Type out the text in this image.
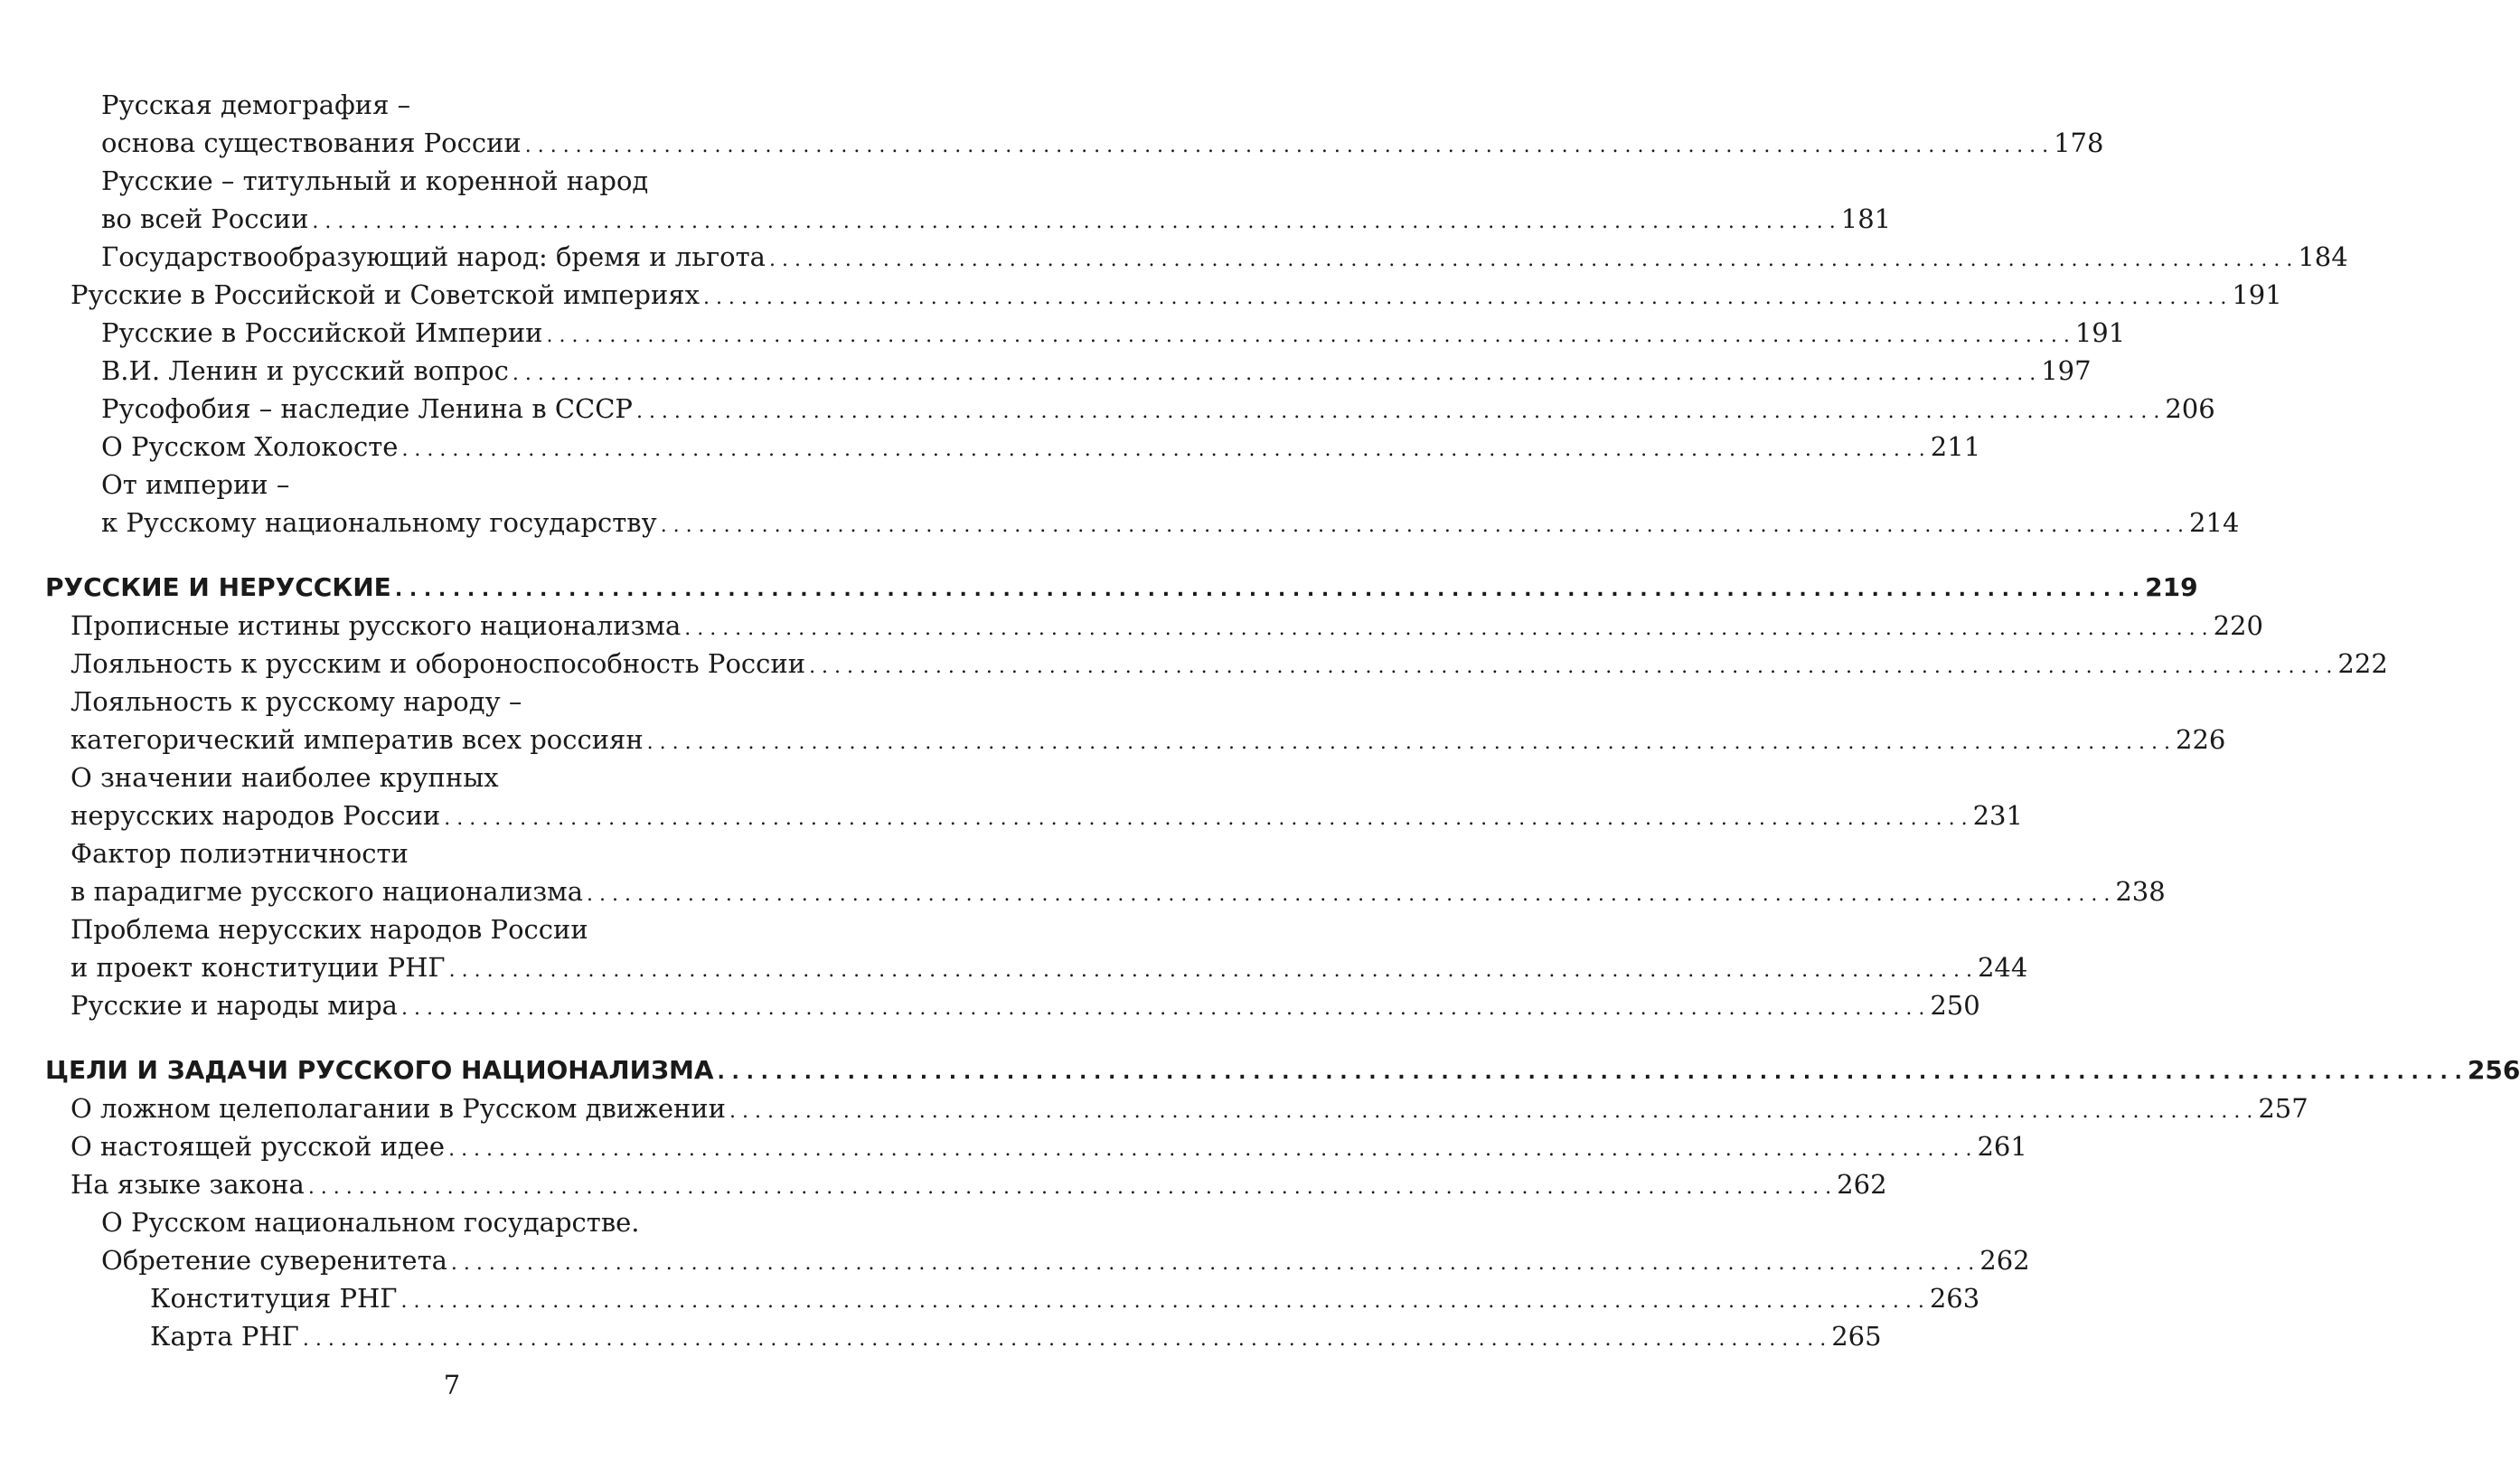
Русская демография –
основа существования России . . .	178
Русские – титульный и коренной народ
во всей России . . .	181
Государствообразующий народ: бремя и льгота . . .	184
Русские в Российской и Советской империях . . .	191
Русские в Российской Империи . . .	191
В.И. Ленин и русский вопрос . . .	197
Русофобия – наследие Ленина в СССР . . .	206
О Русском Холокосте . . .	211
От империи –
к Русскому национальному государству . . .	214
РУССКИЕ И НЕРУССКИЕ . . .	219
Прописные истины русского национализма . . .	220
Лояльность к русским и обороноспособность России . . .	222
Лояльность к русскому народу –
категорический императив всех россиян . . .	226
О значении наиболее крупных
нерусских народов России . . .	231
Фактор полиэтничности
в парадигме русского национализма . . .	238
Проблема нерусских народов России
и проект конституции РНГ . . .	244
Русские и народы мира . . .	250
ЦЕЛИ И ЗАДАЧИ РУССКОГО НАЦИОНАЛИЗМА . . .	256
О ложном целеполагании в Русском движении . . .	257
О настоящей русской идее . . .	261
На языке закона . . .	262
О Русском национальном государстве.
Обретение суверенитета . . .	262
Конституция РНГ . . .	263
Карта РНГ . . .	265
7
